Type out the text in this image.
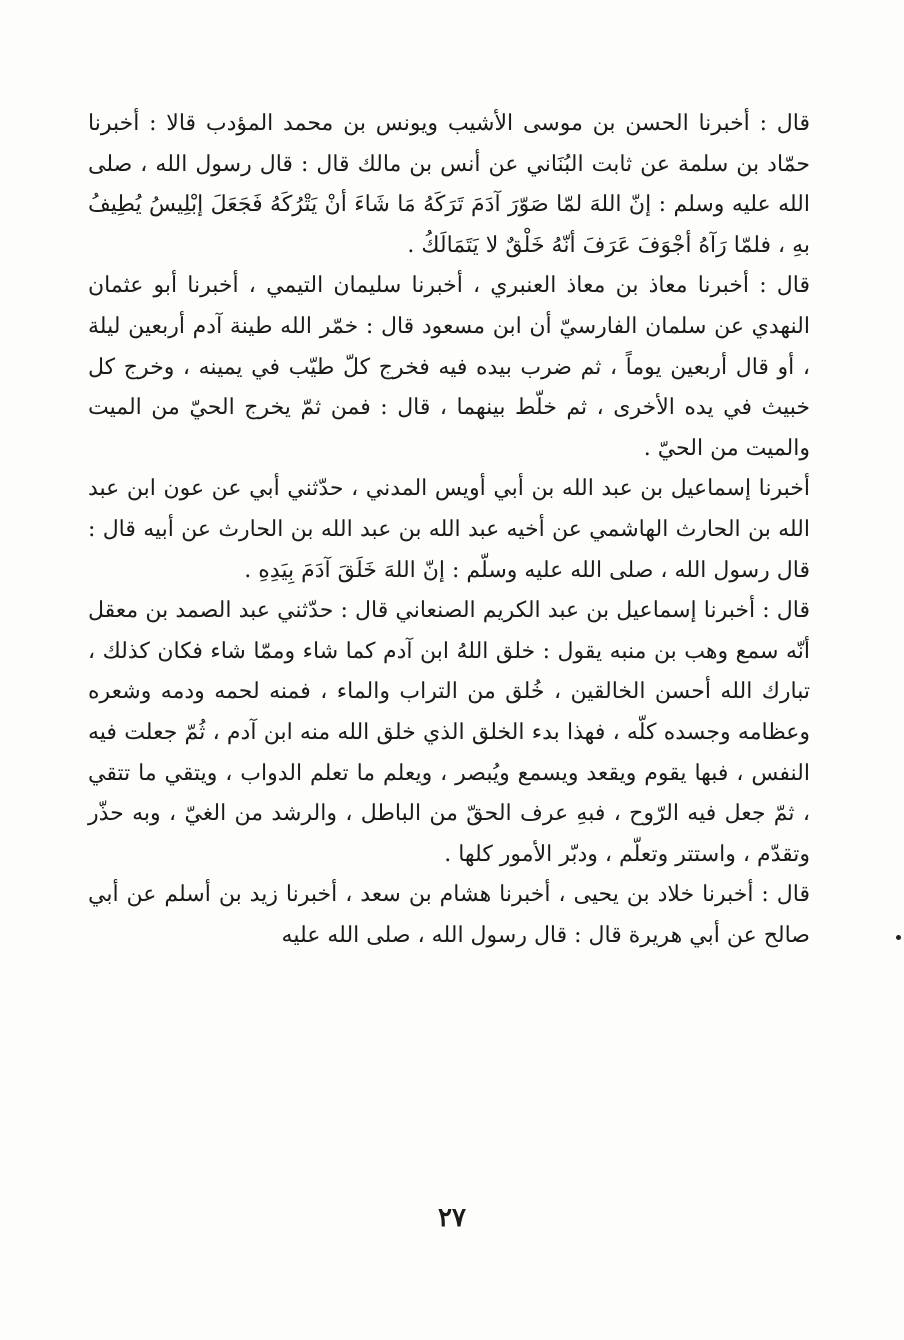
قال : أخبرنا الحسن بن موسى الأشيب ويونس بن محمد المؤدب قالا : أخبرنا حمّاد بن سلمة عن ثابت البُنَاني عن أنس بن مالك قال : قال رسول الله ، صلى الله عليه وسلم : إنّ اللهَ لمّا صَوّرَ آدَمَ تَرَكَهُ مَا شَاءَ أنْ يَتْرُكَهُ فَجَعَلَ إبْلِيسُ يُطِيفُ بهِ ، فلمّا رَآهُ أجْوَفَ عَرَفَ أنّهُ خَلْقٌ لا يَتَمَالَكُ .

قال : أخبرنا معاذ بن معاذ العنبري ، أخبرنا سليمان التيمي ، أخبرنا أبو عثمان النهدي عن سلمان الفارسيّ أن ابن مسعود قال : خمّر الله طينة آدم أربعين ليلة ، أو قال أربعين يوماً ، ثم ضرب بيده فيه فخرج كلّ طيّب في يمينه ، وخرج كل خبيث في يده الأخرى ، ثم خلّط بينهما ، قال : فمن ثمّ يخرج الحيّ من الميت والميت من الحيّ .

أخبرنا إسماعيل بن عبد الله بن أبي أويس المدني ، حدّثني أبي عن عون ابن عبد الله بن الحارث الهاشمي عن أخيه عبد الله بن عبد الله بن الحارث عن أبيه قال : قال رسول الله ، صلى الله عليه وسلّم : إنّ اللهَ خَلَقَ آدَمَ بِيَدِهِ .

قال : أخبرنا إسماعيل بن عبد الكريم الصنعاني قال : حدّثني عبد الصمد بن معقل أنّه سمع وهب بن منبه يقول : خلق اللهُ ابن آدم كما شاء وممّا شاء فكان كذلك ، تبارك الله أحسن الخالقين ، خُلق من التراب والماء ، فمنه لحمه ودمه وشعره وعظامه وجسده كلّه ، فهذا بدء الخلق الذي خلق الله منه ابن آدم ، ثُمّ جعلت فيه النفس ، فبها يقوم ويقعد ويسمع ويُبصر ، ويعلم ما تعلم الدواب ، ويتقي ما تتقي ، ثمّ جعل فيه الرّوح ، فبهِ عرف الحقّ من الباطل ، والرشد من الغيّ ، وبه حذّر وتقدّم ، واستتر وتعلّم ، ودبّر الأمور كلها .

قال : أخبرنا خلاد بن يحيى ، أخبرنا هشام بن سعد ، أخبرنا زيد بن أسلم عن أبي صالح عن أبي هريرة قال : قال رسول الله ، صلى الله عليه

٢٧
